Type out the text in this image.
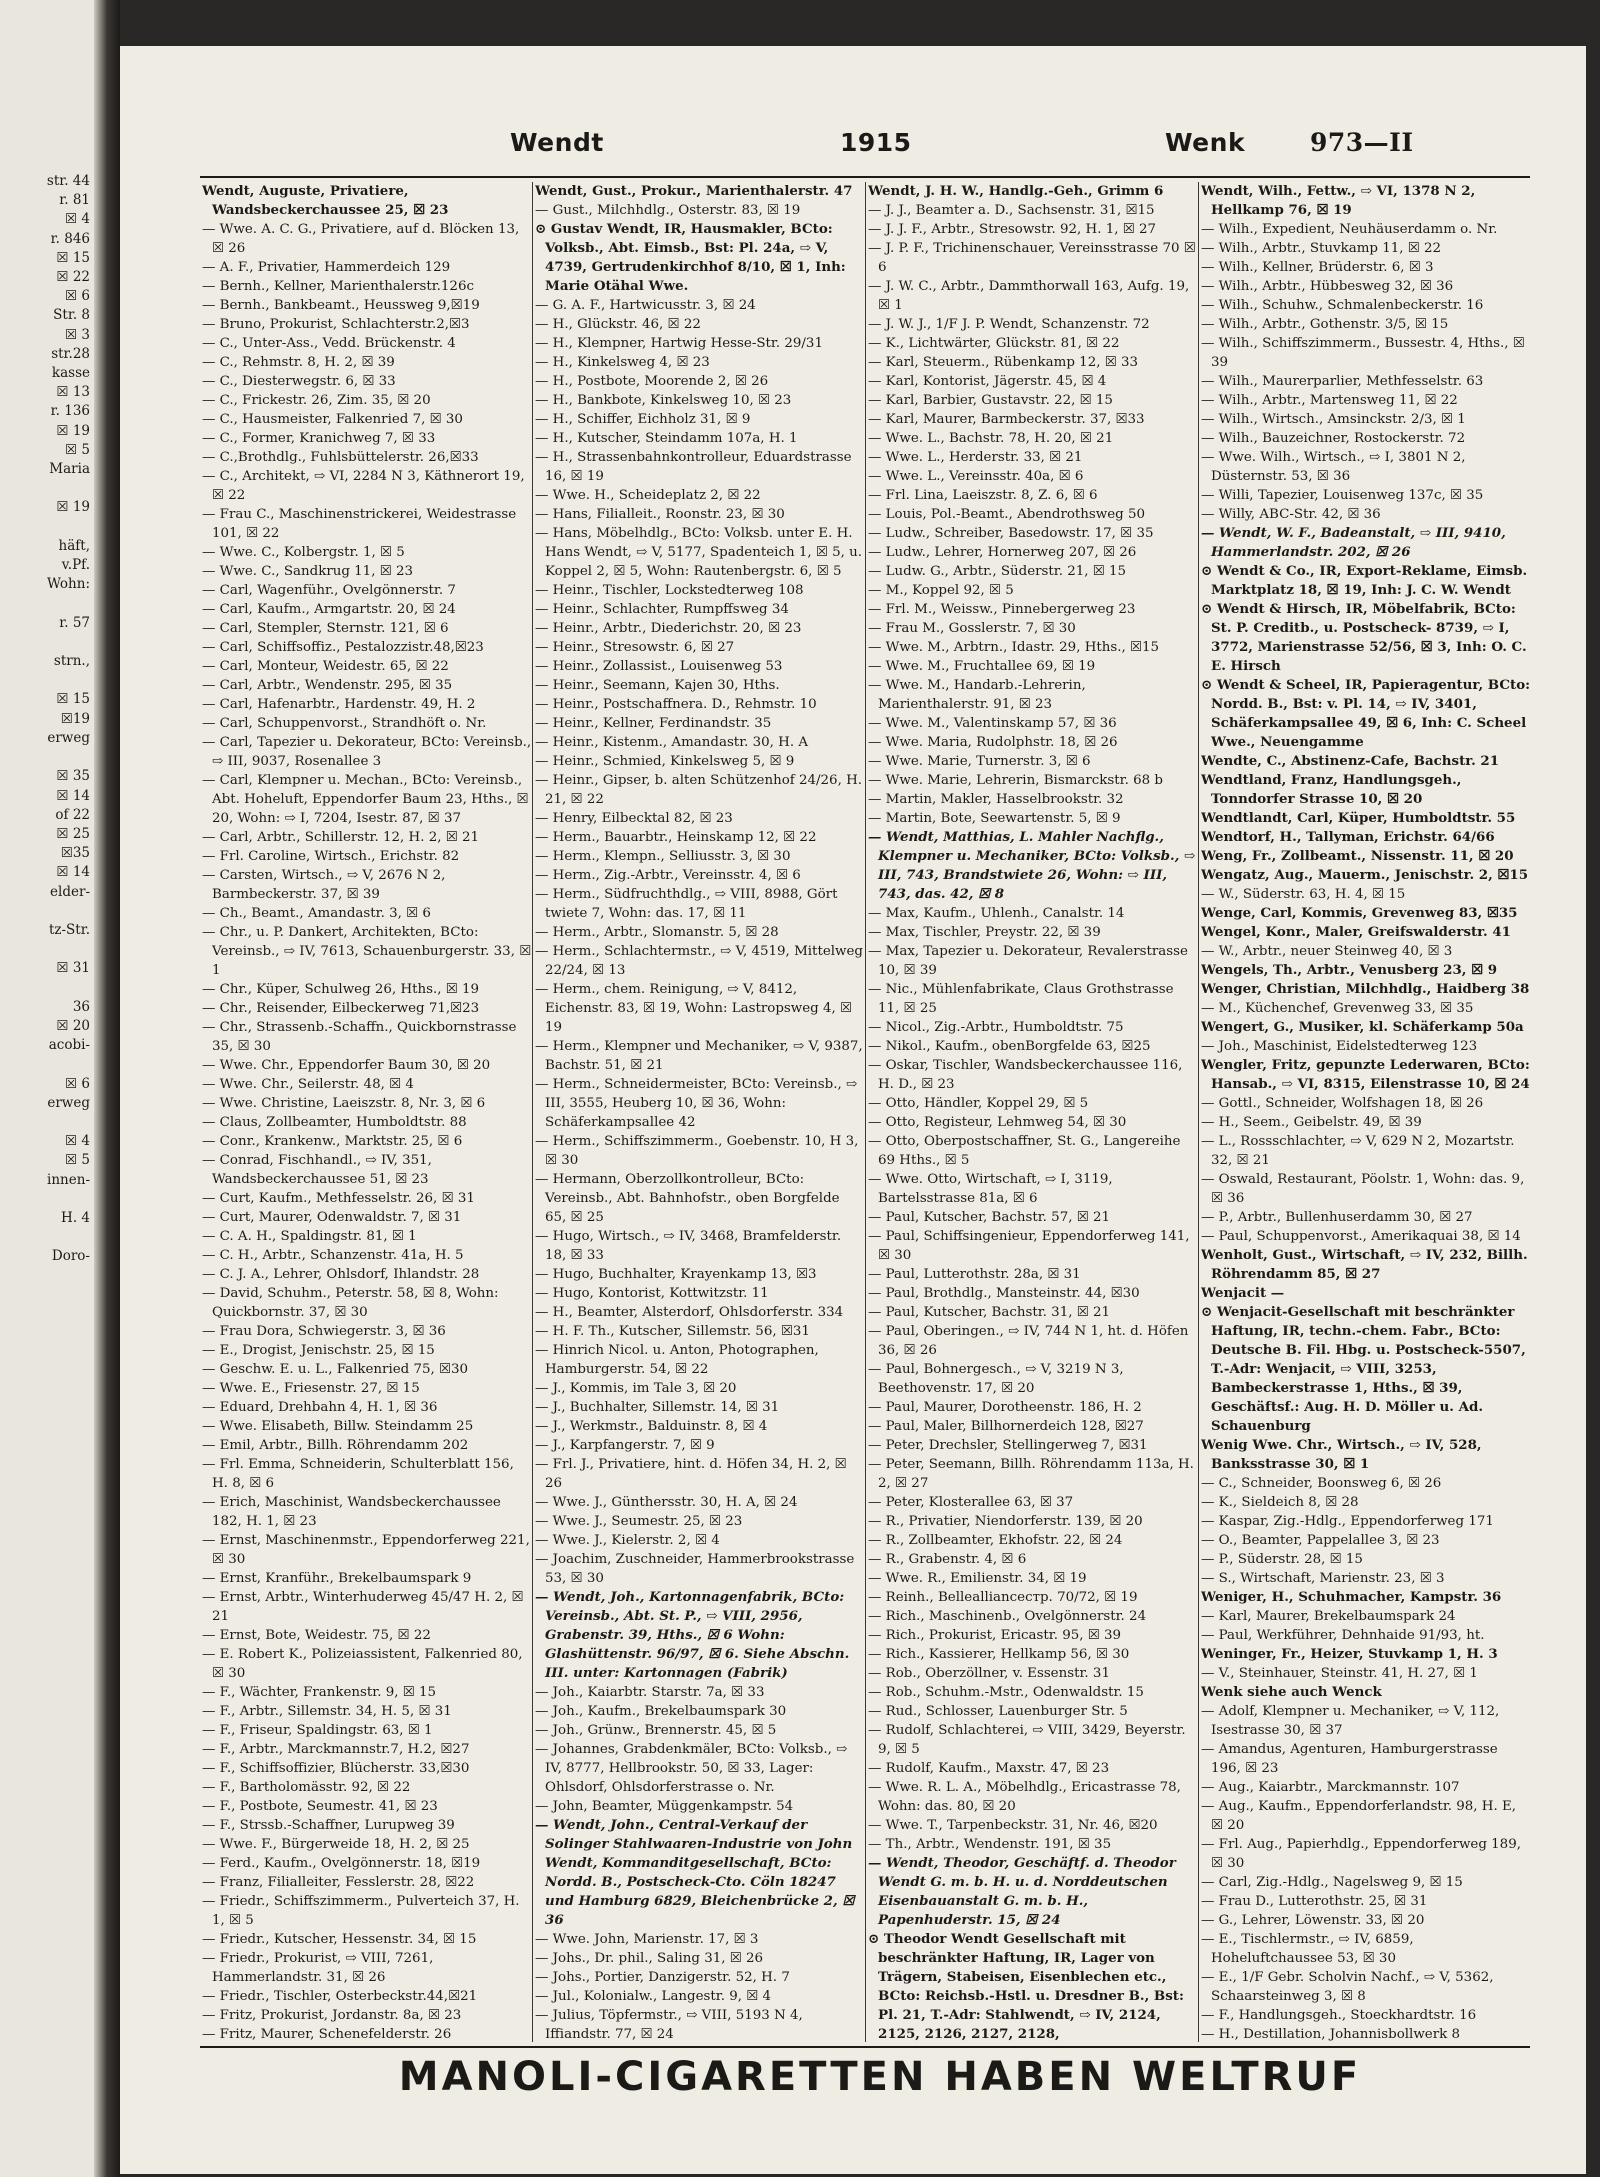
str. 44
r. 81
☒ 4
r. 846
☒ 15
☒ 22
☒ 6
Str. 8
☒ 3
str.28
kasse
☒ 13
r. 136
☒ 19
☒ 5
Maria

☒ 19

häft,
v.Pf.
Wohn:

r. 57

strn.,

☒ 15
☒19
erweg

☒ 35
☒ 14
of 22
☒ 25
☒35
☒ 14
elder-

tz-Str.

☒ 31

36
☒ 20
acobi-

☒ 6
erweg

☒ 4
☒ 5
innen-

H. 4

Doro-
Wendt	1915	Wenk	973—II

Wendt, Auguste, Privatiere, Wandsbeckerchaussee 25, ☒ 23

— Wwe. A. C. G., Privatiere, auf d. Blöcken 13, ☒ 26

— A. F., Privatier, Hammerdeich 129

— Bernh., Kellner, Marienthalerstr.126c

— Bernh., Bankbeamt., Heussweg 9,☒19

— Bruno, Prokurist, Schlachterstr.2,☒3

— C., Unter-Ass., Vedd. Brückenstr. 4

— C., Rehmstr. 8, H. 2, ☒ 39

— C., Diesterwegstr. 6, ☒ 33

— C., Frickestr. 26, Zim. 35, ☒ 20

— C., Hausmeister, Falkenried 7, ☒ 30

— C., Former, Kranichweg 7, ☒ 33

— C.,Brothdlg., Fuhlsbüttelerstr. 26,☒33

— C., Architekt, ⇨ VI, 2284 N 3, Käthnerort 19, ☒ 22

— Frau C., Maschinenstrickerei, Weidestrasse 101, ☒ 22

— Wwe. C., Kolbergstr. 1, ☒ 5

— Wwe. C., Sandkrug 11, ☒ 23

— Carl, Wagenführ., Ovelgönnerstr. 7

— Carl, Kaufm., Armgartstr. 20, ☒ 24

— Carl, Stempler, Sternstr. 121, ☒ 6

— Carl, Schiffsoffiz., Pestalozzistr.48,☒23

— Carl, Monteur, Weidestr. 65, ☒ 22

— Carl, Arbtr., Wendenstr. 295, ☒ 35

— Carl, Hafenarbtr., Hardenstr. 49, H. 2

— Carl, Schuppenvorst., Strandhöft o. Nr.

— Carl, Tapezier u. Dekorateur, BCto: Vereinsb., ⇨ III, 9037, Rosenallee 3

— Carl, Klempner u. Mechan., BCto: Vereinsb., Abt. Hoheluft, Eppendorfer Baum 23, Hths., ☒ 20, Wohn: ⇨ I, 7204, Isestr. 87, ☒ 37

— Carl, Arbtr., Schillerstr. 12, H. 2, ☒ 21

— Frl. Caroline, Wirtsch., Erichstr. 82

— Carsten, Wirtsch., ⇨ V, 2676 N 2, Barmbeckerstr. 37, ☒ 39

— Ch., Beamt., Amandastr. 3, ☒ 6

— Chr., u. P. Dankert, Architekten, BCto: Vereinsb., ⇨ IV, 7613, Schauenburgerstr. 33, ☒ 1

— Chr., Küper, Schulweg 26, Hths., ☒ 19

— Chr., Reisender, Eilbeckerweg 71,☒23

— Chr., Strassenb.-Schaffn., Quickbornstrasse 35, ☒ 30

— Wwe. Chr., Eppendorfer Baum 30, ☒ 20

— Wwe. Chr., Seilerstr. 48, ☒ 4

— Wwe. Christine, Laeiszstr. 8, Nr. 3, ☒ 6

— Claus, Zollbeamter, Humboldtstr. 88

— Conr., Krankenw., Marktstr. 25, ☒ 6

— Conrad, Fischhandl., ⇨ IV, 351, Wandsbeckerchaussee 51, ☒ 23

— Curt, Kaufm., Methfesselstr. 26, ☒ 31

— Curt, Maurer, Odenwaldstr. 7, ☒ 31

— C. A. H., Spaldingstr. 81, ☒ 1

— C. H., Arbtr., Schanzenstr. 41a, H. 5

— C. J. A., Lehrer, Ohlsdorf, Ihlandstr. 28

— David, Schuhm., Peterstr. 58, ☒ 8, Wohn: Quickbornstr. 37, ☒ 30

— Frau Dora, Schwiegerstr. 3, ☒ 36

— E., Drogist, Jenischstr. 25, ☒ 15

— Geschw. E. u. L., Falkenried 75, ☒30

— Wwe. E., Friesenstr. 27, ☒ 15

— Eduard, Drehbahn 4, H. 1, ☒ 36

— Wwe. Elisabeth, Billw. Steindamm 25

— Emil, Arbtr., Billh. Röhrendamm 202

— Frl. Emma, Schneiderin, Schulterblatt 156, H. 8, ☒ 6

— Erich, Maschinist, Wandsbeckerchaussee 182, H. 1, ☒ 23

— Ernst, Maschinenmstr., Eppendorferweg 221, ☒ 30

— Ernst, Kranführ., Brekelbaumspark 9

— Ernst, Arbtr., Winterhuderweg 45/47 H. 2, ☒ 21

— Ernst, Bote, Weidestr. 75, ☒ 22

— E. Robert K., Polizeiassistent, Falkenried 80, ☒ 30

— F., Wächter, Frankenstr. 9, ☒ 15

— F., Arbtr., Sillemstr. 34, H. 5, ☒ 31

— F., Friseur, Spaldingstr. 63, ☒ 1

— F., Arbtr., Marckmannstr.7, H.2, ☒27

— F., Schiffsoffizier, Blücherstr. 33,☒30

— F., Bartholomässtr. 92, ☒ 22

— F., Postbote, Seumestr. 41, ☒ 23

— F., Strssb.-Schaffner, Lurupweg 39

— Wwe. F., Bürgerweide 18, H. 2, ☒ 25

— Ferd., Kaufm., Ovelgönnerstr. 18, ☒19

— Franz, Filialleiter, Fesslerstr. 28, ☒22

— Friedr., Schiffszimmerm., Pulverteich 37, H. 1, ☒ 5

— Friedr., Kutscher, Hessenstr. 34, ☒ 15

— Friedr., Prokurist, ⇨ VIII, 7261, Hammerlandstr. 31, ☒ 26

— Friedr., Tischler, Osterbeckstr.44,☒21

— Fritz, Prokurist, Jordanstr. 8a, ☒ 23

— Fritz, Maurer, Schenefelderstr. 26

Wendt, Gust., Prokur., Marienthalerstr. 47

— Gust., Milchhdlg., Osterstr. 83, ☒ 19

⊙ Gustav Wendt, IR, Hausmakler, BCto: Volksb., Abt. Eimsb., Bst: Pl. 24a, ⇨ V, 4739, Gertrudenkirchhof 8/10, ☒ 1, Inh: Marie Otähal Wwe.

— G. A. F., Hartwicusstr. 3, ☒ 24

— H., Glückstr. 46, ☒ 22

— H., Klempner, Hartwig Hesse-Str. 29/31

— H., Kinkelsweg 4, ☒ 23

— H., Postbote, Moorende 2, ☒ 26

— H., Bankbote, Kinkelsweg 10, ☒ 23

— H., Schiffer, Eichholz 31, ☒ 9

— H., Kutscher, Steindamm 107a, H. 1

— H., Strassenbahnkontrolleur, Eduardstrasse 16, ☒ 19

— Wwe. H., Scheideplatz 2, ☒ 22

— Hans, Filialleit., Roonstr. 23, ☒ 30

— Hans, Möbelhdlg., BCto: Volksb. unter E. H. Hans Wendt, ⇨ V, 5177, Spadenteich 1, ☒ 5, u. Koppel 2, ☒ 5, Wohn: Rautenbergstr. 6, ☒ 5

— Heinr., Tischler, Lockstedterweg 108

— Heinr., Schlachter, Rumpffsweg 34

— Heinr., Arbtr., Diederichstr. 20, ☒ 23

— Heinr., Stresowstr. 6, ☒ 27

— Heinr., Zollassist., Louisenweg 53

— Heinr., Seemann, Kajen 30, Hths.

— Heinr., Postschaffnera. D., Rehmstr. 10

— Heinr., Kellner, Ferdinandstr. 35

— Heinr., Kistenm., Amandastr. 30, H. A

— Heinr., Schmied, Kinkelsweg 5, ☒ 9

— Heinr., Gipser, b. alten Schützenhof 24/26, H. 21, ☒ 22

— Henry, Eilbecktal 82, ☒ 23

— Herm., Bauarbtr., Heinskamp 12, ☒ 22

— Herm., Klempn., Selliusstr. 3, ☒ 30

— Herm., Zig.-Arbtr., Vereinsstr. 4, ☒ 6

— Herm., Südfruchthdlg., ⇨ VIII, 8988, Gört​twiete 7, Wohn: das. 17, ☒ 11

— Herm., Arbtr., Slomanstr. 5, ☒ 28

— Herm., Schlachtermstr., ⇨ V, 4519, Mittelweg 22/24, ☒ 13

— Herm., chem. Reinigung, ⇨ V, 8412, Eichenstr. 83, ☒ 19, Wohn: Lastropsweg 4, ☒ 19

— Herm., Klempner und Mechaniker, ⇨ V, 9387, Bachstr. 51, ☒ 21

— Herm., Schneidermeister, BCto: Vereinsb., ⇨ III, 3555, Heuberg 10, ☒ 36, Wohn: Schäferkampsallee 42

— Herm., Schiffszimmerm., Goebenstr. 10, H 3, ☒ 30

— Hermann, Oberzollkontrolleur, BCto: Vereinsb., Abt. Bahnhofstr., oben Borgfelde 65, ☒ 25

— Hugo, Wirtsch., ⇨ IV, 3468, Bramfelderstr. 18, ☒ 33

— Hugo, Buchhalter, Krayenkamp 13, ☒3

— Hugo, Kontorist, Kottwitzstr. 11

— H., Beamter, Alsterdorf, Ohlsdorferstr. 334

— H. F. Th., Kutscher, Sillemstr. 56, ☒31

— Hinrich Nicol. u. Anton, Photographen, Hamburgerstr. 54, ☒ 22

— J., Kommis, im Tale 3, ☒ 20

— J., Buchhalter, Sillemstr. 14, ☒ 31

— J., Werkmstr., Balduinstr. 8, ☒ 4

— J., Karpfangerstr. 7, ☒ 9

— Frl. J., Privatiere, hint. d. Höfen 34, H. 2, ☒ 26

— Wwe. J., Günthersstr. 30, H. A, ☒ 24

— Wwe. J., Seumestr. 25, ☒ 23

— Wwe. J., Kielerstr. 2, ☒ 4

— Joachim, Zuschneider, Hammerbrookstrasse 53, ☒ 30

— Wendt, Joh., Kartonnagenfabrik, BCto: Vereinsb., Abt. St. P., ⇨ VIII, 2956, Grabenstr. 39, Hths., ☒ 6 Wohn: Glashüttenstr. 96/97, ☒ 6. Siehe Abschn. III. unter: Kartonnagen (Fabrik)

— Joh., Kaiarbtr. Starstr. 7a, ☒ 33

— Joh., Kaufm., Brekelbaumspark 30

— Joh., Grünw., Brennerstr. 45, ☒ 5

— Johannes, Grabdenkmäler, BCto: Volksb., ⇨ IV, 8777, Hellbrookstr. 50, ☒ 33, Lager: Ohlsdorf, Ohlsdorferstrasse o. Nr.

— John, Beamter, Müggenkampstr. 54

— Wendt, John., Central-Verkauf der Solinger Stahlwaaren-Industrie von John Wendt, Kommanditgesellschaft, BCto: Nordd. B., Postscheck-Cto. Cöln 18247 und Hamburg 6829, Bleichenbrücke 2, ☒ 36

— Wwe. John, Marienstr. 17, ☒ 3

— Johs., Dr. phil., Saling 31, ☒ 26

— Johs., Portier, Danzigerstr. 52, H. 7

— Jul., Kolonialw., Langestr. 9, ☒ 4

— Julius, Töpfermstr., ⇨ VIII, 5193 N 4, Iffiandstr. 77, ☒ 24

Wendt, J. H. W., Handlg.-Geh., Grimm 6

— J. J., Beamter a. D., Sachsenstr. 31, ☒15

— J. J. F., Arbtr., Stresowstr. 92, H. 1, ☒ 27

— J. P. F., Trichinenschauer, Vereinsstrasse 70 ☒ 6

— J. W. C., Arbtr., Dammthorwall 163, Aufg. 19, ☒ 1

— J. W. J., 1/F J. P. Wendt, Schanzenstr. 72

— K., Lichtwärter, Glückstr. 81, ☒ 22

— Karl, Steuerm., Rübenkamp 12, ☒ 33

— Karl, Kontorist, Jägerstr. 45, ☒ 4

— Karl, Barbier, Gustavstr. 22, ☒ 15

— Karl, Maurer, Barmbeckerstr. 37, ☒33

— Wwe. L., Bachstr. 78, H. 20, ☒ 21

— Wwe. L., Herderstr. 33, ☒ 21

— Wwe. L., Vereinsstr. 40a, ☒ 6

— Frl. Lina, Laeiszstr. 8, Z. 6, ☒ 6

— Louis, Pol.-Beamt., Abendrothsweg 50

— Ludw., Schreiber, Basedowstr. 17, ☒ 35

— Ludw., Lehrer, Hornerweg 207, ☒ 26

— Ludw. G., Arbtr., Süderstr. 21, ☒ 15

— M., Koppel 92, ☒ 5

— Frl. M., Weissw., Pinnebergerweg 23

— Frau M., Gosslerstr. 7, ☒ 30

— Wwe. M., Arbtrn., Idastr. 29, Hths., ☒15

— Wwe. M., Fruchtallee 69, ☒ 19

— Wwe. M., Handarb.-Lehrerin, Marienthalerstr. 91, ☒ 23

— Wwe. M., Valentinskamp 57, ☒ 36

— Wwe. Maria, Rudolphstr. 18, ☒ 26

— Wwe. Marie, Turnerstr. 3, ☒ 6

— Wwe. Marie, Lehrerin, Bismarckstr. 68 b

— Martin, Makler, Hasselbrookstr. 32

— Martin, Bote, Seewartenstr. 5, ☒ 9

— Wendt, Matthias, L. Mahler Nachflg., Klempner u. Mechaniker, BCto: Volksb., ⇨ III, 743, Brandstwiete 26, Wohn: ⇨ III, 743, das. 42, ☒ 8

— Max, Kaufm., Uhlenh., Canalstr. 14

— Max, Tischler, Preystr. 22, ☒ 39

— Max, Tapezier u. Dekorateur, Revalerstrasse 10, ☒ 39

— Nic., Mühlenfabrikate, Claus Grothstrasse 11, ☒ 25

— Nicol., Zig.-Arbtr., Humboldtstr. 75

— Nikol., Kaufm., obenBorgfelde 63, ☒25

— Oskar, Tischler, Wandsbeckerchaussee 116, H. D., ☒ 23

— Otto, Händler, Koppel 29, ☒ 5

— Otto, Registeur, Lehmweg 54, ☒ 30

— Otto, Oberpostschaffner, St. G., Langereihe 69 Hths., ☒ 5

— Wwe. Otto, Wirtschaft, ⇨ I, 3119, Bartelsstrasse 81a, ☒ 6

— Paul, Kutscher, Bachstr. 57, ☒ 21

— Paul, Schiffsingenieur, Eppendorferweg 141, ☒ 30

— Paul, Lutterothstr. 28a, ☒ 31

— Paul, Brothdlg., Mansteinstr. 44, ☒30

— Paul, Kutscher, Bachstr. 31, ☒ 21

— Paul, Oberingen., ⇨ IV, 744 N 1, ht. d. Höfen 36, ☒ 26

— Paul, Bohnergesch., ⇨ V, 3219 N 3, Beethovenstr. 17, ☒ 20

— Paul, Maurer, Dorotheenstr. 186, H. 2

— Paul, Maler, Billhornerdeich 128, ☒27

— Peter, Drechsler, Stellingerweg 7, ☒31

— Peter, Seemann, Billh. Röhrendamm 113a, H. 2, ☒ 27

— Peter, Klosterallee 63, ☒ 37

— R., Privatier, Niendorferstr. 139, ☒ 20

— R., Zollbeamter, Ekhofstr. 22, ☒ 24

— R., Grabenstr. 4, ☒ 6

— Wwe. R., Emilienstr. 34, ☒ 19

— Reinh., Belleallianceстр. 70/72, ☒ 19

— Rich., Maschinenb., Ovelgönnerstr. 24

— Rich., Prokurist, Ericastr. 95, ☒ 39

— Rich., Kassierer, Hellkamp 56, ☒ 30

— Rob., Oberzöllner, v. Essenstr. 31

— Rob., Schuhm.-Mstr., Odenwaldstr. 15

— Rud., Schlosser, Lauenburger Str. 5

— Rudolf, Schlachterei, ⇨ VIII, 3429, Beyerstr. 9, ☒ 5

— Rudolf, Kaufm., Maxstr. 47, ☒ 23

— Wwe. R. L. A., Möbelhdlg., Ericastrasse 78, Wohn: das. 80, ☒ 20

— Wwe. T., Tarpenbeckstr. 31, Nr. 46, ☒20

— Th., Arbtr., Wendenstr. 191, ☒ 35

— Wendt, Theodor, Geschäftf. d. Theodor Wendt G. m. b. H. u. d. Norddeutschen Eisenbauanstalt G. m. b. H., Papenhuderstr. 15, ☒ 24

⊙ Theodor Wendt Gesellschaft mit beschränkter Haftung, IR, Lager von Trägern, Stabeisen, Eisenblechen etc., BCto: Reichsb.-Hstl. u. Dresdner B., Bst: Pl. 21, T.-Adr: Stahlwendt, ⇨ IV, 2124, 2125, 2126, 2127, 2128,

Wendt, Wilh., Fettw., ⇨ VI, 1378 N 2, Hellkamp 76, ☒ 19

— Wilh., Expedient, Neuhäuserdamm o. Nr.

— Wilh., Arbtr., Stuvkamp 11, ☒ 22

— Wilh., Kellner, Brüderstr. 6, ☒ 3

— Wilh., Arbtr., Hübbesweg 32, ☒ 36

— Wilh., Schuhw., Schmalenbeckerstr. 16

— Wilh., Arbtr., Gothenstr. 3/5, ☒ 15

— Wilh., Schiffszimmerm., Bussestr. 4, Hths., ☒ 39

— Wilh., Maurerparlier, Methfesselstr. 63

— Wilh., Arbtr., Martensweg 11, ☒ 22

— Wilh., Wirtsch., Amsinckstr. 2/3, ☒ 1

— Wilh., Bauzeichner, Rostockerstr. 72

— Wwe. Wilh., Wirtsch., ⇨ I, 3801 N 2, Düsternstr. 53, ☒ 36

— Willi, Tapezier, Louisenweg 137c, ☒ 35

— Willy, ABC-Str. 42, ☒ 36

— Wendt, W. F., Badeanstalt, ⇨ III, 9410, Hammerlandstr. 202, ☒ 26

⊙ Wendt & Co., IR, Export-Reklame, Eimsb. Marktplatz 18, ☒ 19, Inh: J. C. W. Wendt

⊙ Wendt & Hirsch, IR, Möbelfabrik, BCto: St. P. Creditb., u. Postscheck- 8739, ⇨ I, 3772, Marienstrasse 52/56, ☒ 3, Inh: O. C. E. Hirsch

⊙ Wendt & Scheel, IR, Papieragentur, BCto: Nordd. B., Bst: v. Pl. 14, ⇨ IV, 3401, Schäferkampsallee 49, ☒ 6, Inh: C. Scheel Wwe., Neuengamme

Wendte, C., Abstinenz-Cafe, Bachstr. 21

Wendtland, Franz, Handlungsgeh., Tonndorfer Strasse 10, ☒ 20

Wendtlandt, Carl, Küper, Humboldtstr. 55

Wendtorf, H., Tallyman, Erichstr. 64/66

Weng, Fr., Zollbeamt., Nissenstr. 11, ☒ 20

Wengatz, Aug., Mauerm., Jenischstr. 2, ☒15

— W., Süderstr. 63, H. 4, ☒ 15

Wenge, Carl, Kommis, Grevenweg 83, ☒35

Wengel, Konr., Maler, Greifswalderstr. 41

— W., Arbtr., neuer Steinweg 40, ☒ 3

Wengels, Th., Arbtr., Venusberg 23, ☒ 9

Wenger, Christian, Milchhdlg., Haidberg 38

— M., Küchenchef, Grevenweg 33, ☒ 35

Wengert, G., Musiker, kl. Schäferkamp 50a

— Joh., Maschinist, Eidelstedterweg 123

Wengler, Fritz, gepunzte Lederwaren, BCto: Hansab., ⇨ VI, 8315, Eilenstrasse 10, ☒ 24

— Gottl., Schneider, Wolfshagen 18, ☒ 26

— H., Seem., Geibelstr. 49, ☒ 39

— L., Rossschlachter, ⇨ V, 629 N 2, Mozartstr. 32, ☒ 21

— Oswald, Restaurant, Pöolstr. 1, Wohn: das. 9, ☒ 36

— P., Arbtr., Bullenhuserdamm 30, ☒ 27

— Paul, Schuppenvorst., Amerikaquai 38, ☒ 14

Wenholt, Gust., Wirtschaft, ⇨ IV, 232, Billh. Röhrendamm 85, ☒ 27

Wenjacit —

⊙ Wenjacit-Gesellschaft mit beschränkter Haftung, IR, techn.-chem. Fabr., BCto: Deutsche B. Fil. Hbg. u. Postscheck-5507, T.-Adr: Wenjacit, ⇨ VIII, 3253, Bambeckerstrasse 1, Hths., ☒ 39, Geschäftsf.: Aug. H. D. Möller u. Ad. Schauenburg

Wenig Wwe. Chr., Wirtsch., ⇨ IV, 528, Banksstrasse 30, ☒ 1

— C., Schneider, Boonsweg 6, ☒ 26

— K., Sieldeich 8, ☒ 28

— Kaspar, Zig.-Hdlg., Eppendorferweg 171

— O., Beamter, Pappelallee 3, ☒ 23

— P., Süderstr. 28, ☒ 15

— S., Wirtschaft, Marienstr. 23, ☒ 3

Weniger, H., Schuhmacher, Kampstr. 36

— Karl, Maurer, Brekelbaumspark 24

— Paul, Werkführer, Dehnhaide 91/93, ht.

Weninger, Fr., Heizer, Stuvkamp 1, H. 3

— V., Steinhauer, Steinstr. 41, H. 27, ☒ 1

Wenk siehe auch Wenck

— Adolf, Klempner u. Mechaniker, ⇨ V, 112, Isestrasse 30, ☒ 37

— Amandus, Agenturen, Hamburgerstrasse 196, ☒ 23

— Aug., Kaiarbtr., Marckmannstr. 107

— Aug., Kaufm., Eppendorferlandstr. 98, H. E, ☒ 20

— Frl. Aug., Papierhdlg., Eppendorferweg 189, ☒ 30

— Carl, Zig.-Hdlg., Nagelsweg 9, ☒ 15

— Frau D., Lutterothstr. 25, ☒ 31

— G., Lehrer, Löwenstr. 33, ☒ 20

— E., Tischlermstr., ⇨ IV, 6859, Hoheluftchaussee 53, ☒ 30

— E., 1/F Gebr. Scholvin Nachf., ⇨ V, 5362, Schaarsteinweg 3, ☒ 8

— F., Handlungsgeh., Stoeckhardtstr. 16

— H., Destillation, Johannisbollwerk 8

MANOLI-CIGARETTEN HABEN WELTRUF
